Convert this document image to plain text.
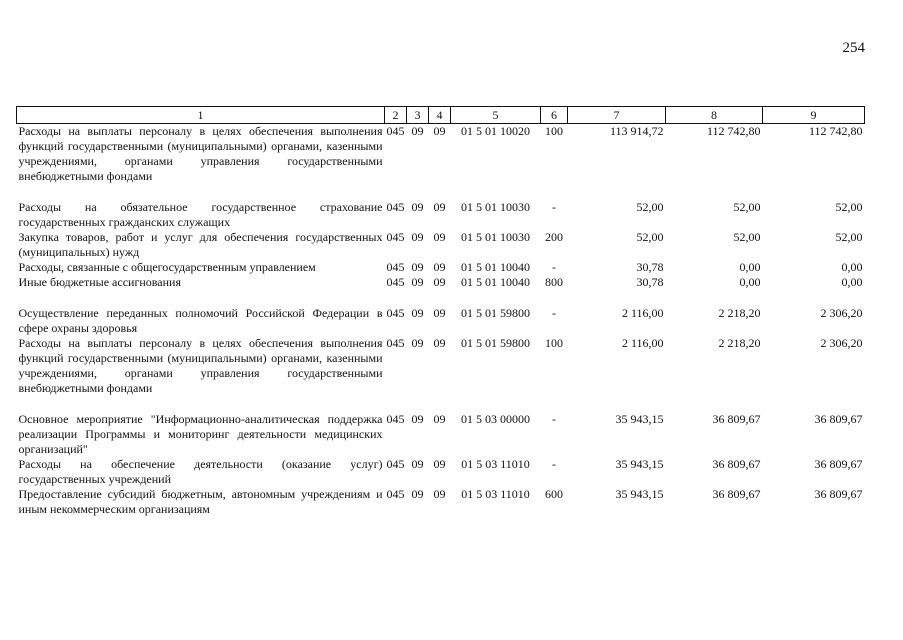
254
1	2	3	4	5	6	7	8	9
Расходы на выплаты персоналу в целях обеспечения выполнения функций государственными (муниципальными) органами, казенными учреждениями, органами управления государственными внебюджетными фондами	045	09	09	01 5 01 10020	100	113 914,72	112 742,80	112 742,80

Расходы на обязательное государственное страхование государственных гражданских служащих	045	09	09	01 5 01 10030	-	52,00	52,00	52,00
Закупка товаров, работ и услуг для обеспечения государственных (муниципальных) нужд	045	09	09	01 5 01 10030	200	52,00	52,00	52,00
Расходы, связанные с общегосударственным управлением	045	09	09	01 5 01 10040	-	30,78	0,00	0,00
Иные бюджетные ассигнования	045	09	09	01 5 01 10040	800	30,78	0,00	0,00

Осуществление переданных полномочий Российской Федерации в сфере охраны здоровья	045	09	09	01 5 01 59800	-	2 116,00	2 218,20	2 306,20
Расходы на выплаты персоналу в целях обеспечения выполнения функций государственными (муниципальными) органами, казенными учреждениями, органами управления государственными внебюджетными фондами	045	09	09	01 5 01 59800	100	2 116,00	2 218,20	2 306,20

Основное мероприятие "Информационно-аналитическая поддержка реализации Программы и мониторинг деятельности медицинских организаций"	045	09	09	01 5 03 00000	-	35 943,15	36 809,67	36 809,67
Расходы на обеспечение деятельности (оказание услуг) государственных учреждений	045	09	09	01 5 03 11010	-	35 943,15	36 809,67	36 809,67
Предоставление субсидий бюджетным, автономным учреждениям и иным некоммерческим организациям	045	09	09	01 5 03 11010	600	35 943,15	36 809,67	36 809,67
